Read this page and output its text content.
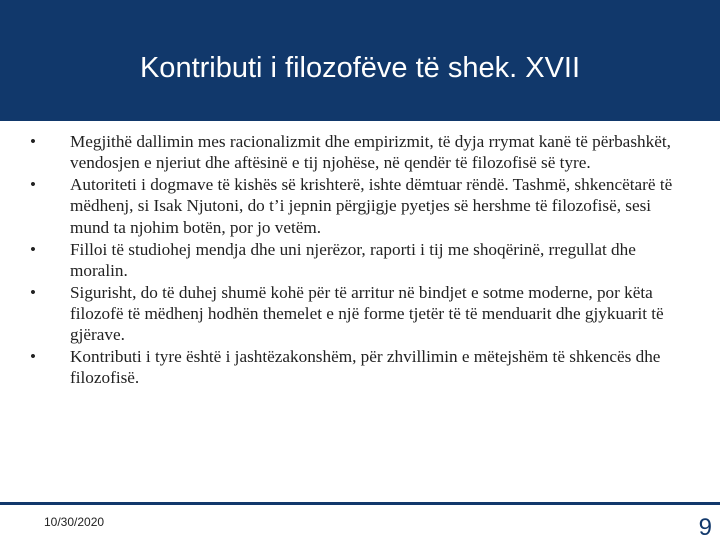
Kontributi i filozofëve të shek. XVII
• Megjithë dallimin mes racionalizmit dhe empirizmit, të dyja rrymat kanë të përbashkët, vendosjen e njeriut dhe aftësinë e tij njohëse, në qendër të filozofisë së tyre.
• Autoriteti i dogmave të kishës së krishterë, ishte dëmtuar rëndë. Tashmë, shkencëtarë të mëdhenj, si Isak Njutoni, do t’i jepnin përgjigje pyetjes së hershme të filozofisë, sesi mund ta njohim botën, por jo vetëm.
• Filloi të studiohej mendja dhe uni njerëzor, raporti i tij me shoqërinë, rregullat dhe moralin.
• Sigurisht, do të duhej shumë kohë për të arritur në bindjet e sotme moderne, por këta filozofë të mëdhenj hodhën themelet e një forme tjetër të të menduarit dhe gjykuarit të gjërave.
• Kontributi i tyre është i jashtëzakonshëm, për zhvillimin e mëtejshëm të shkencës dhe filozofisë.
10/30/2020	9
